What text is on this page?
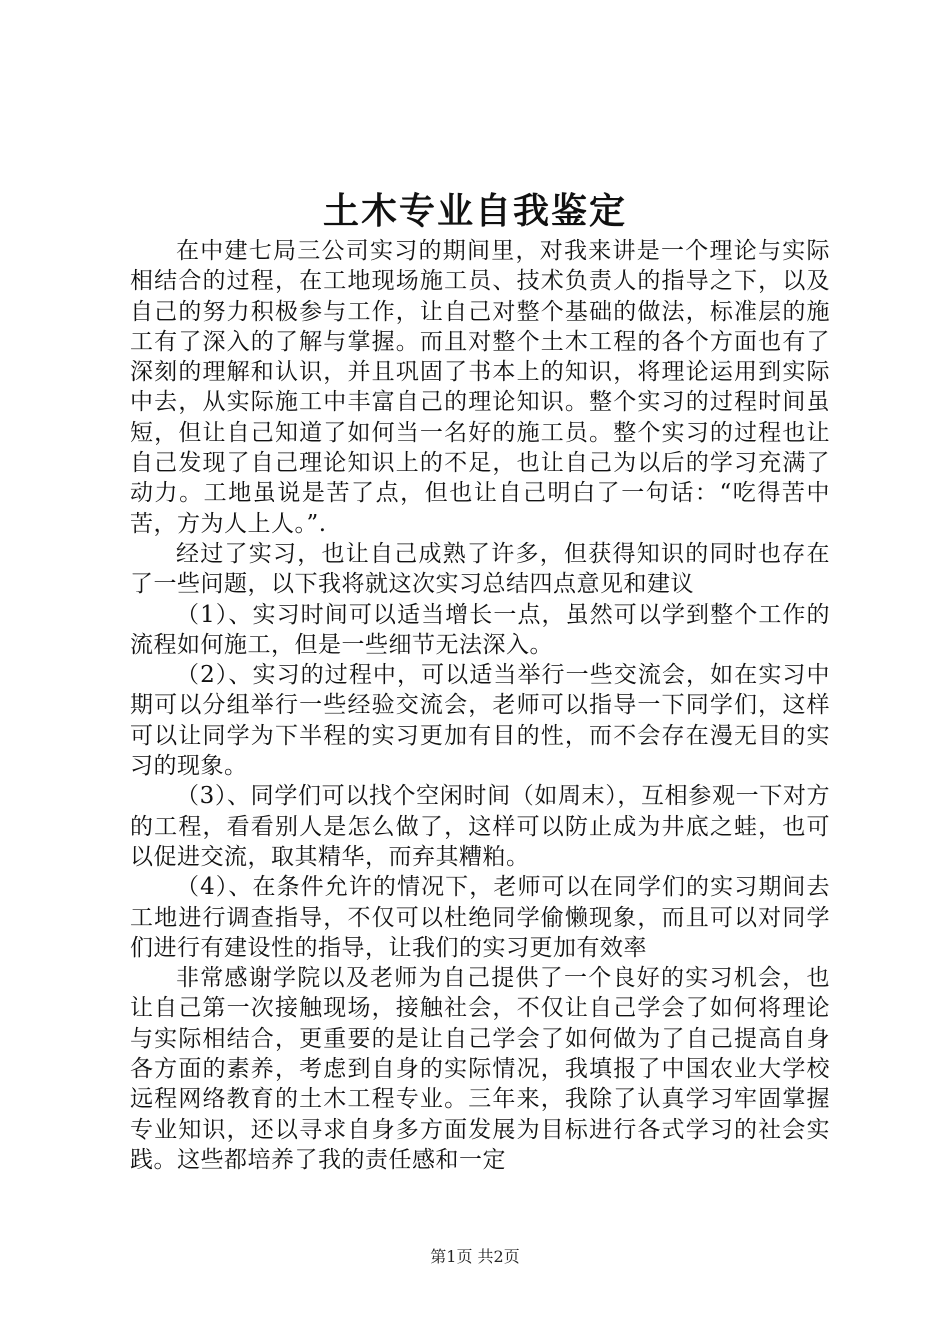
土木专业自我鉴定

在中建七局三公司实习的期间里，对我来讲是一个理论与实际相结合的过程，在工地现场施工员、技术负责人的指导之下，以及自己的努力积极参与工作，让自己对整个基础的做法，标准层的施工有了深入的了解与掌握。而且对整个土木工程的各个方面也有了深刻的理解和认识，并且巩固了书本上的知识，将理论运用到实际中去，从实际施工中丰富自己的理论知识。整个实习的过程时间虽短，但让自己知道了如何当一名好的施工员。整个实习的过程也让自己发现了自己理论知识上的不足，也让自己为以后的学习充满了动力。工地虽说是苦了点，但也让自己明白了一句话：“吃得苦中苦，方为人上人。”.

经过了实习，也让自己成熟了许多，但获得知识的同时也存在了一些问题，以下我将就这次实习总结四点意见和建议

（1）、实习时间可以适当增长一点，虽然可以学到整个工作的流程如何施工，但是一些细节无法深入。

（2）、实习的过程中，可以适当举行一些交流会，如在实习中期可以分组举行一些经验交流会，老师可以指导一下同学们，这样可以让同学为下半程的实习更加有目的性，而不会存在漫无目的实习的现象。

（3）、同学们可以找个空闲时间（如周末），互相参观一下对方的工程，看看别人是怎么做了，这样可以防止成为井底之蛙，也可以促进交流，取其精华，而弃其糟粕。

（4）、在条件允许的情况下，老师可以在同学们的实习期间去工地进行调查指导，不仅可以杜绝同学偷懒现象，而且可以对同学们进行有建设性的指导，让我们的实习更加有效率

非常感谢学院以及老师为自己提供了一个良好的实习机会，也让自己第一次接触现场，接触社会，不仅让自己学会了如何将理论与实际相结合，更重要的是让自己学会了如何做为了自己提高自身各方面的素养，考虑到自身的实际情况，我填报了中国农业大学校远程网络教育的土木工程专业。三年来，我除了认真学习牢固掌握专业知识，还以寻求自身多方面发展为目标进行各式学习的社会实践。这些都培养了我的责任感和一定

第1页 共2页
